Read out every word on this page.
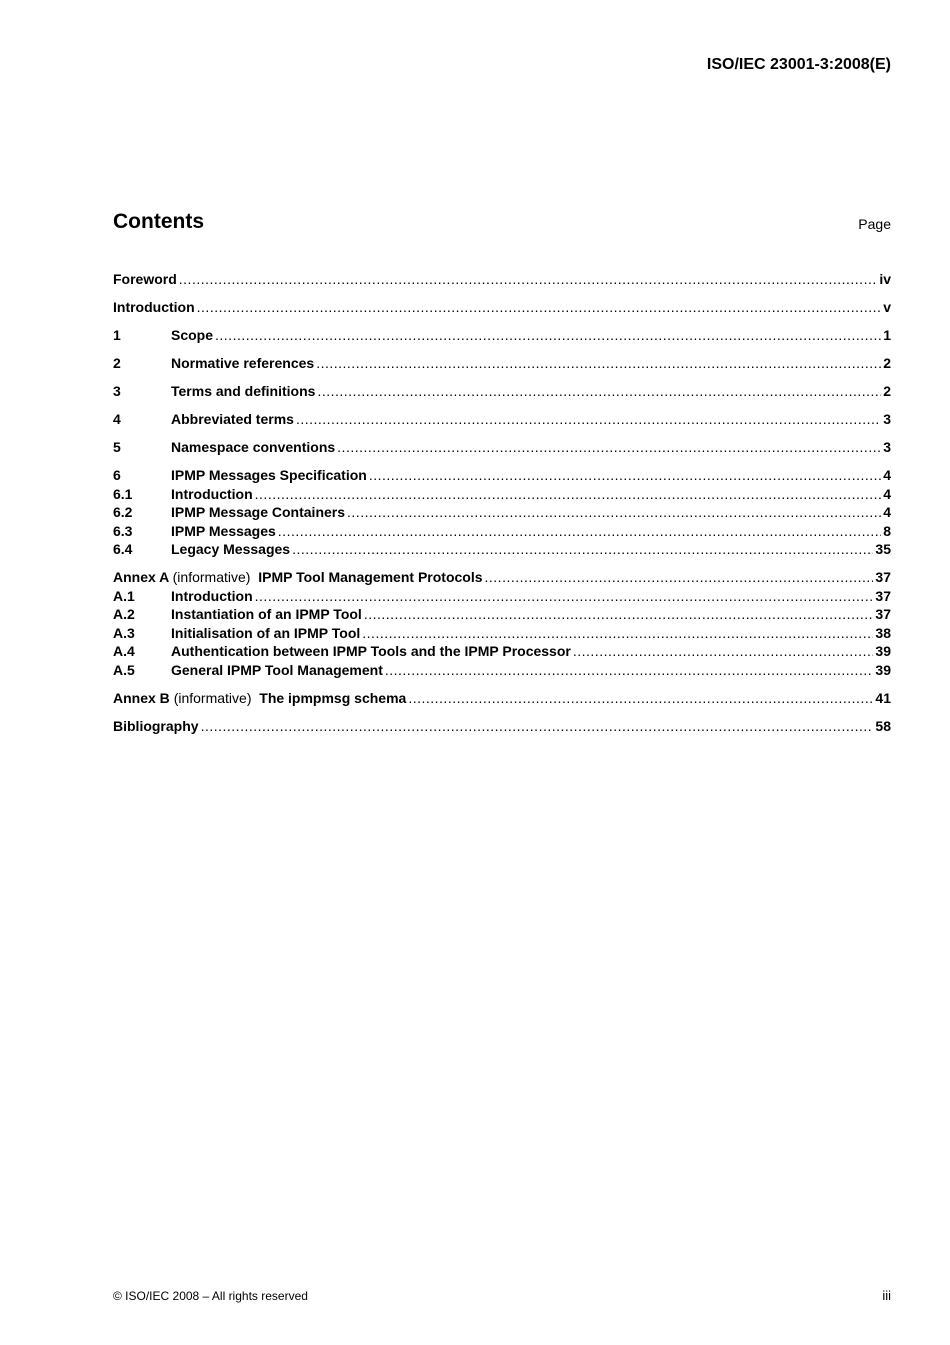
ISO/IEC 23001-3:2008(E)
Contents	Page
Foreword .....	iv
Introduction .....	v
1	Scope .....	1
2	Normative references .....	2
3	Terms and definitions .....	2
4	Abbreviated terms .....	3
5	Namespace conventions .....	3
6	IPMP Messages Specification .....	4
6.1	Introduction .....	4
6.2	IPMP Message Containers .....	4
6.3	IPMP Messages .....	8
6.4	Legacy Messages .....	35
Annex A (informative) IPMP Tool Management Protocols .....	37
A.1	Introduction .....	37
A.2	Instantiation of an IPMP Tool .....	37
A.3	Initialisation of an IPMP Tool .....	38
A.4	Authentication between IPMP Tools and the IPMP Processor .....	39
A.5	General IPMP Tool Management .....	39
Annex B (informative) The ipmpmsg schema .....	41
Bibliography .....	58
© ISO/IEC 2008 – All rights reserved	iii
